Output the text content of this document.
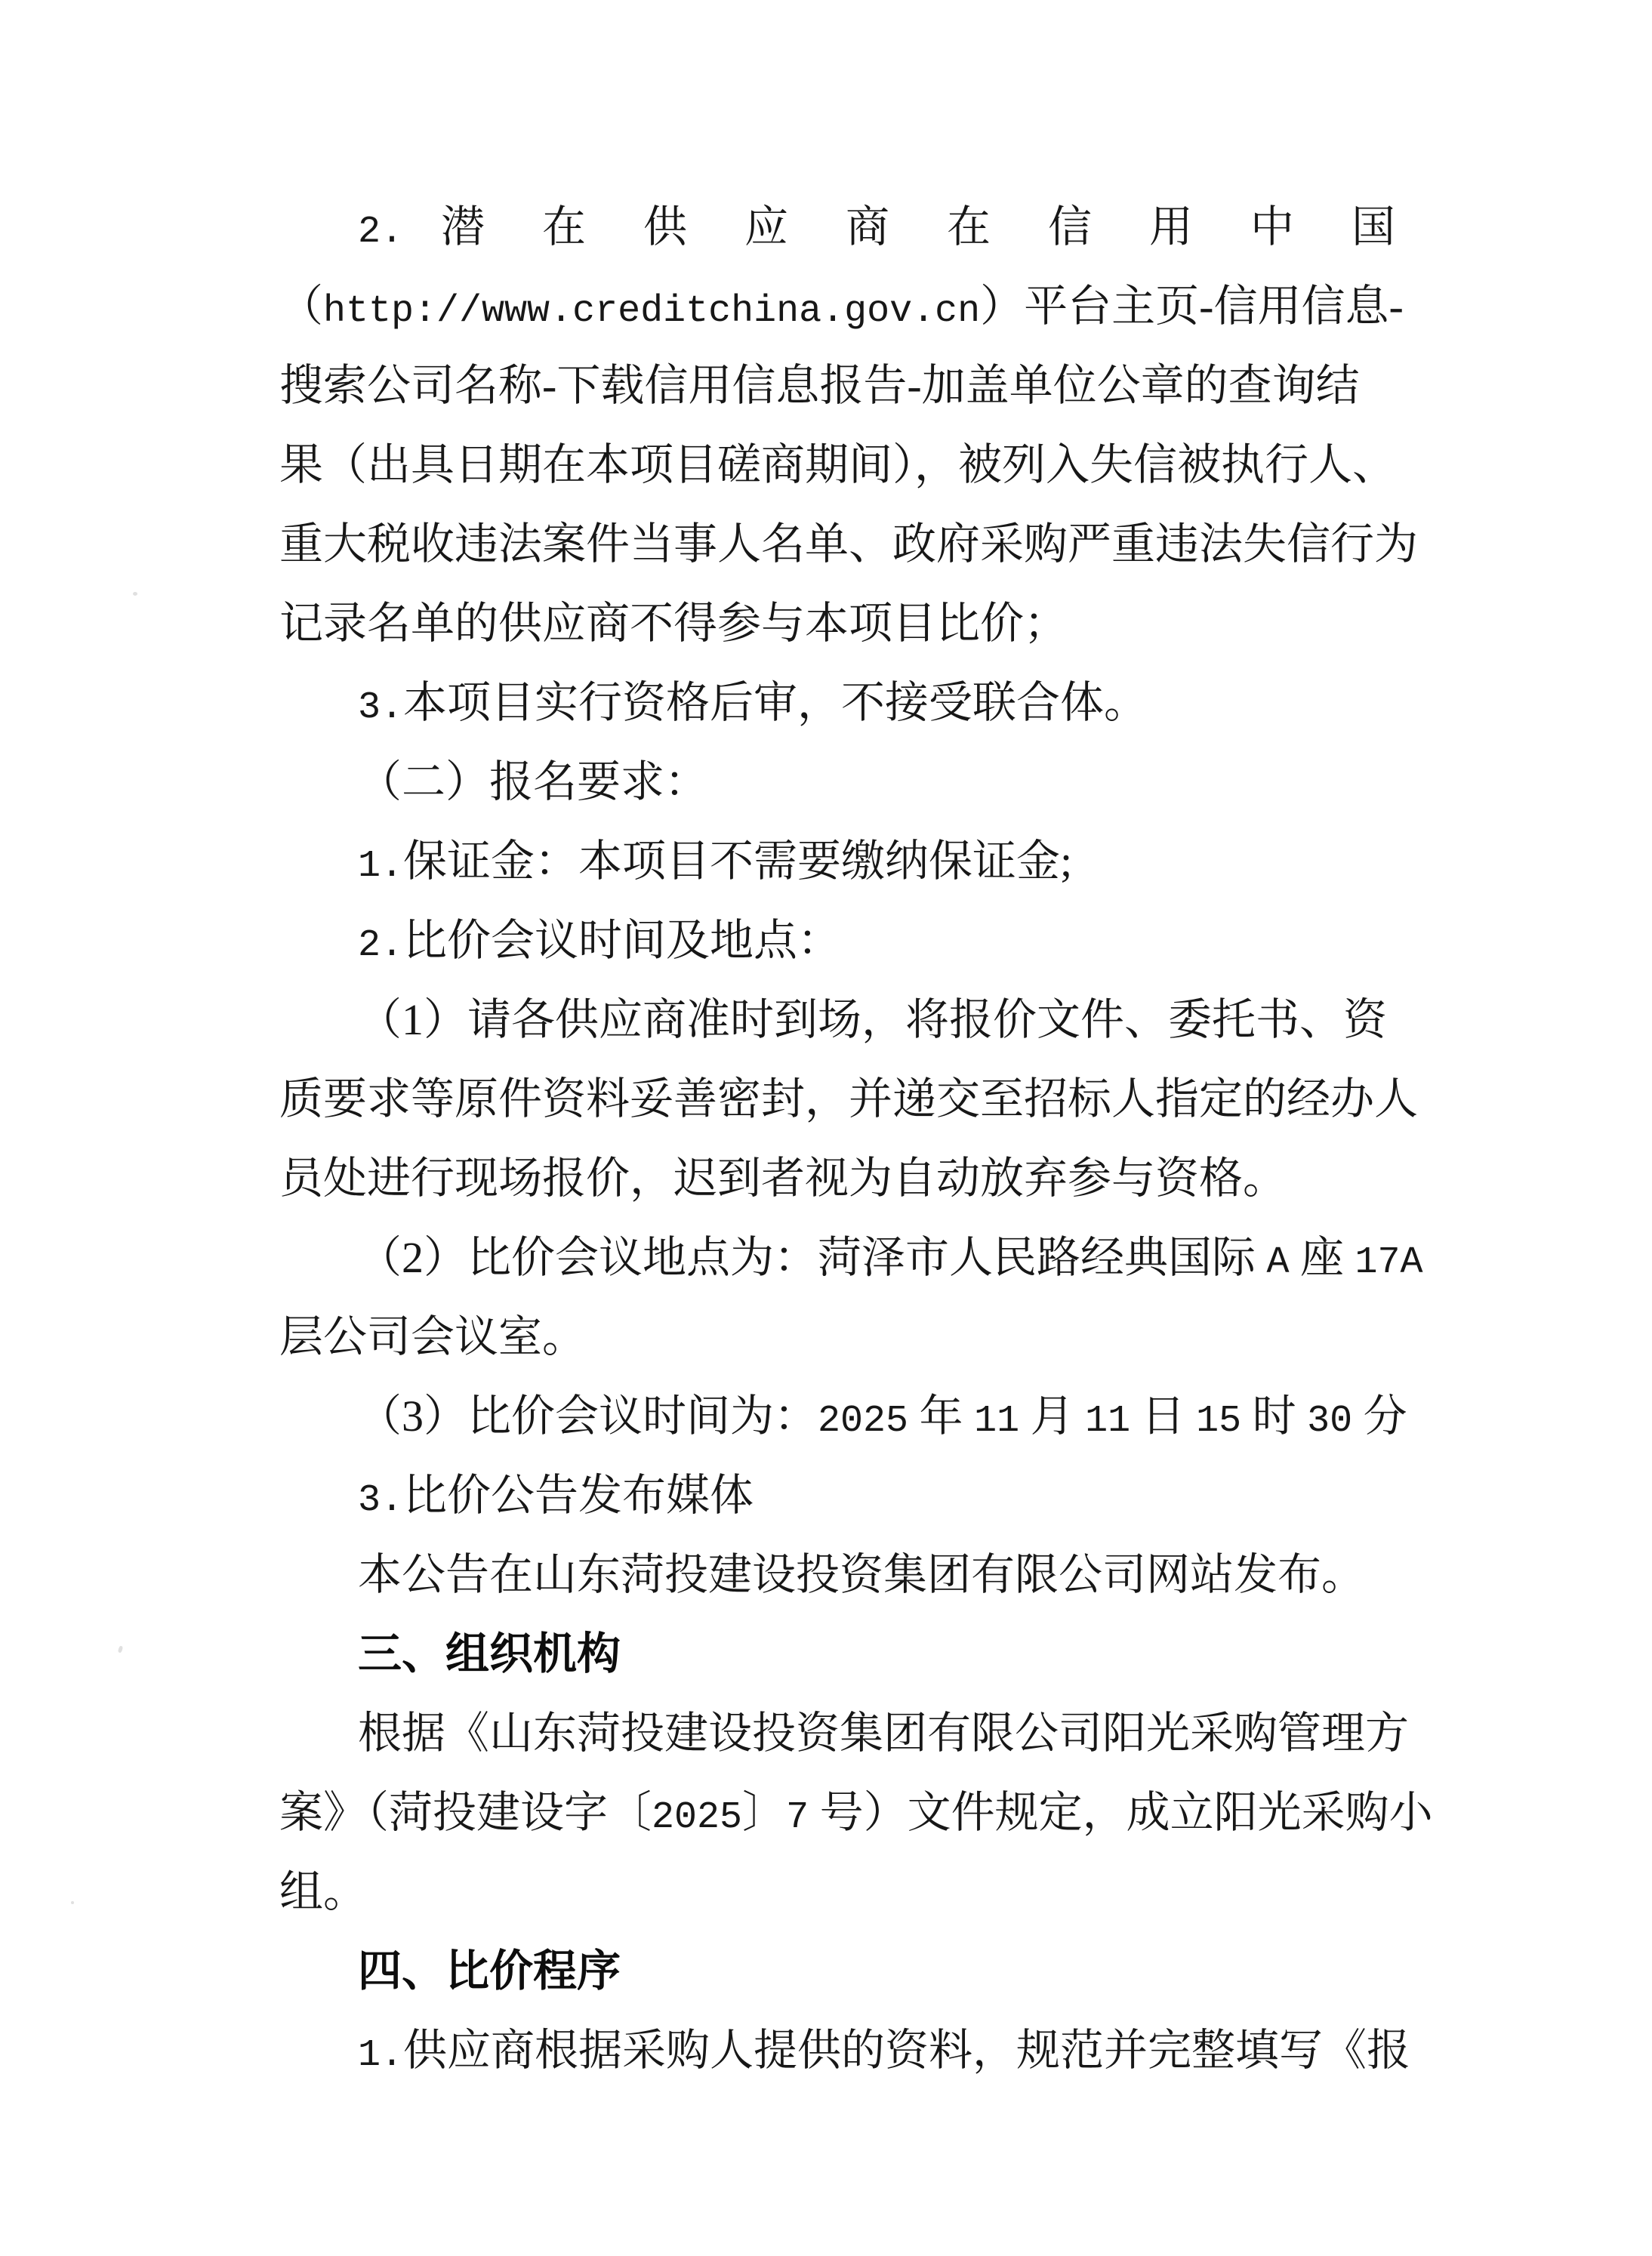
2. 潜在供应商在信用中国
（http://www.creditchina.gov.cn）平台主页-信用信息-
搜索公司名称-下载信用信息报告-加盖单位公章的查询结
果（出具日期在本项目磋商期间），被列入失信被执行人、
重大税收违法案件当事人名单、政府采购严重违法失信行为
记录名单的供应商不得参与本项目比价；
3.本项目实行资格后审，不接受联合体。
（二）报名要求：
1.保证金：本项目不需要缴纳保证金;
2.比价会议时间及地点：
（1）请各供应商准时到场，将报价文件、委托书、资
质要求等原件资料妥善密封，并递交至招标人指定的经办人
员处进行现场报价，迟到者视为自动放弃参与资格。
（2）比价会议地点为：菏泽市人民路经典国际 A 座 17A
层公司会议室。
（3）比价会议时间为：2025 年 11 月 11 日 15 时 30 分
3.比价公告发布媒体
本公告在山东菏投建设投资集团有限公司网站发布。
三、组织机构
根据《山东菏投建设投资集团有限公司阳光采购管理方
案》（菏投建设字〔2025〕7 号）文件规定，成立阳光采购小
组。
四、比价程序
1.供应商根据采购人提供的资料，规范并完整填写《报
